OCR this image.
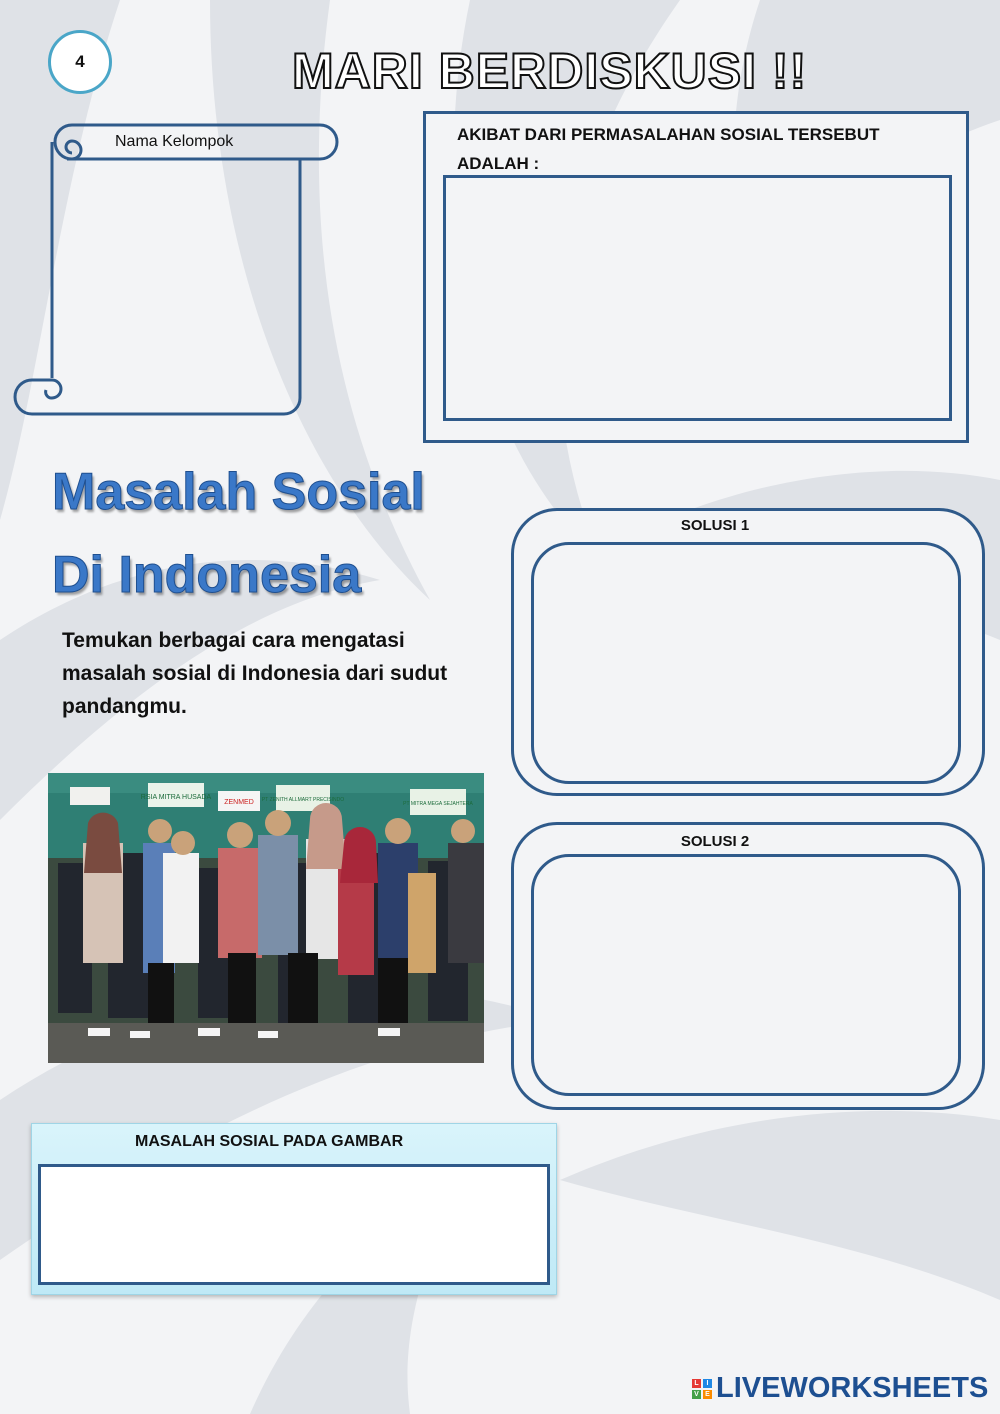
4	MARI BERDISKUSI !!
Nama Kelompok	AKIBAT DARI PERMASALAHAN SOSIAL TERSEBUT
ADALAH :
Masalah Sosial
Di Indonesia
Temukan berbagai cara mengatasi masalah sosial di Indonesia dari sudut pandangmu.
RSIA MITRA HUSADA
ZENMED PT ZENITH ALLMART PRECISINDO
PT MITRA MEGA SEJAHTERA
SOLUSI 1
SOLUSI 2
MASALAH SOSIAL PADA GAMBAR
L	I
V E LIVEWORKSHEETS
